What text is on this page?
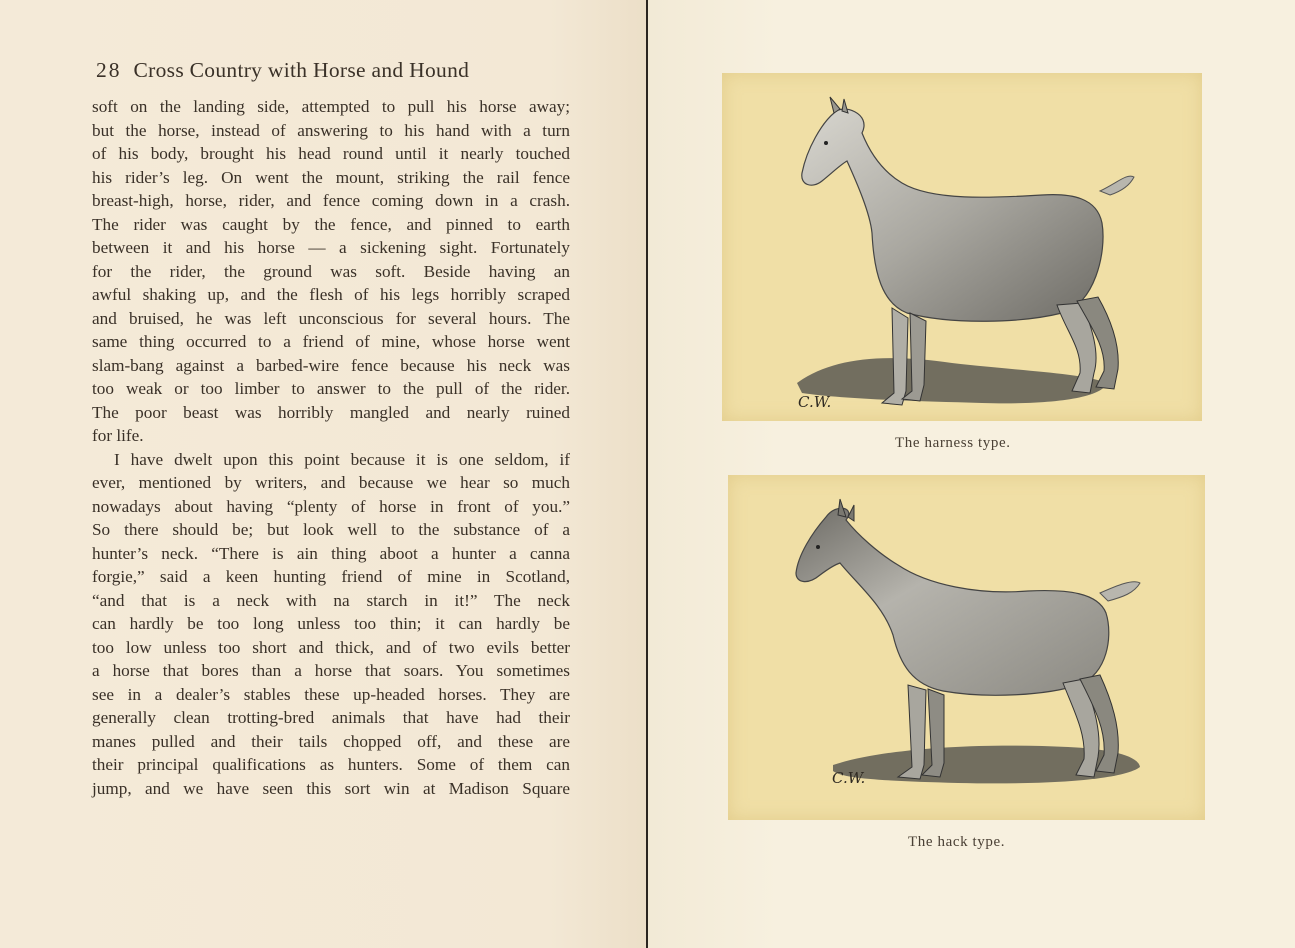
28 Cross Country with Horse and Hound
soft on the landing side, attempted to pull his horse away;
but the horse, instead of answering to his hand with a turn
of his body, brought his head round until it nearly touched
his rider’s leg. On went the mount, striking the rail fence
breast-high, horse, rider, and fence coming down in a crash.
The rider was caught by the fence, and pinned to earth
between it and his horse — a sickening sight. Fortunately
for the rider, the ground was soft. Beside having an
awful shaking up, and the flesh of his legs horribly scraped
and bruised, he was left unconscious for several hours. The
same thing occurred to a friend of mine, whose horse went
slam-bang against a barbed-wire fence because his neck was
too weak or too limber to answer to the pull of the rider.
The poor beast was horribly mangled and nearly ruined
for life.
I have dwelt upon this point because it is one seldom, if
ever, mentioned by writers, and because we hear so much
nowadays about having “plenty of horse in front of you.”
So there should be; but look well to the substance of a
hunter’s neck. “There is ain thing aboot a hunter a canna
forgie,” said a keen hunting friend of mine in Scotland,
“and that is a neck with na starch in it!” The neck
can hardly be too long unless too thin; it can hardly be
too low unless too short and thick, and of two evils better
a horse that bores than a horse that soars. You sometimes
see in a dealer’s stables these up-headed horses. They are
generally clean trotting-bred animals that have had their
manes pulled and their tails chopped off, and these are
their principal qualifications as hunters. Some of them can
jump, and we have seen this sort win at Madison Square
C.W.
The harness type.
C.W.
The hack type.
